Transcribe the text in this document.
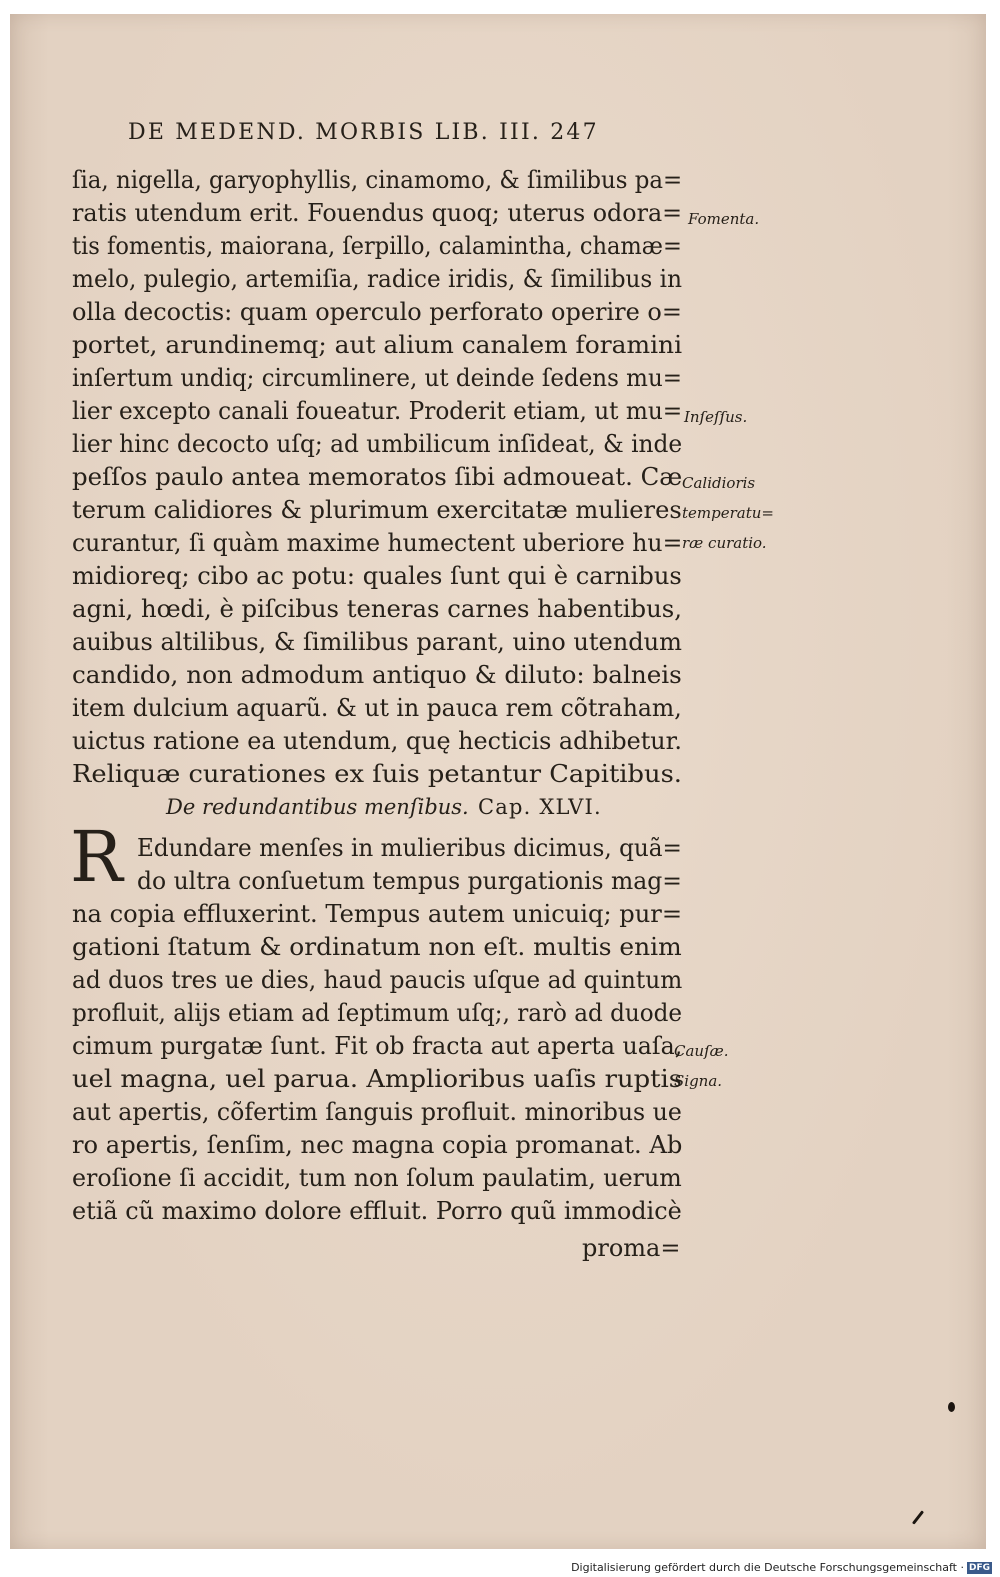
DE MEDEND. MORBIS LIB. III. 247
ſia, nigella, garyophyllis, cinamomo, & ſimilibus pa=
ratis utendum erit. Fouendus quoq; uterus odora=
tis fomentis, maiorana, ſerpillo, calamintha, chamæ=
melo, pulegio, artemiſia, radice iridis, & ſimilibus in
olla decoctis: quam operculo perforato operire o=
portet, arundinemq; aut alium canalem foramini
inſertum undiq; circumlinere, ut deinde ſedens mu=
lier excepto canali foueatur. Proderit etiam, ut mu=
lier hinc decocto uſq; ad umbilicum inſideat, & inde
peſſos paulo antea memoratos ſibi admoueat. Cæ
terum calidiores & plurimum exercitatæ mulieres
curantur, ſi quàm maxime humectent uberiore hu=
midioreq; cibo ac potu: quales ſunt qui è carnibus
agni, hœdi, è piſcibus teneras carnes habentibus,
auibus altilibus, & ſimilibus parant, uino utendum
candido, non admodum antiquo & diluto: balneis
item dulcium aquarũ. & ut in pauca rem cõtraham,
uictus ratione ea utendum, quę hecticis adhibetur.
Reliquæ curationes ex ſuis petantur Capitibus.
De redundantibus menſibus. Cap. XLVI.
R Edundare menſes in mulieribus dicimus, quã=
do ultra conſuetum tempus purgationis mag=
na copia effluxerint. Tempus autem unicuiq; pur=
gationi ſtatum & ordinatum non eſt. multis enim
ad duos tres ue dies, haud paucis uſque ad quintum
profluit, aliјs etiam ad ſeptimum uſq;, rarò ad duode
cimum purgatæ ſunt. Fit ob fracta aut aperta uaſa,
uel magna, uel parua. Amplioribus uaſis ruptis
aut apertis, cõfertim ſanguis profluit. minoribus ue
ro apertis, ſenſim, nec magna copia promanat. Ab
eroſione ſi accidit, tum non ſolum paulatim, uerum
etiã cũ maximo dolore effluit. Porro quũ immodicè
proma=
Fomenta.
Inſeſſus.
Calidioris
temperatu=
ræ curatio.
Cauſæ.
Signa.
Digitalisierung gefördert durch die Deutsche Forschungsgemeinschaft · DFG
